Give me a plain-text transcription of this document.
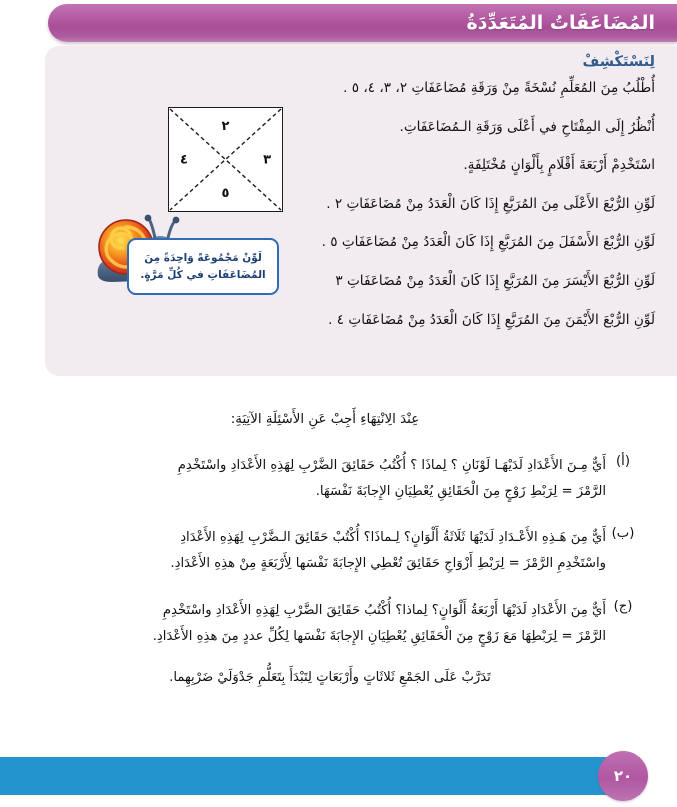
المُضَاعَفَاتُ المُتَعَدِّدَةُ
لِنَسْتَكْشِفْ
٢
٣
٤
٥
لَوِّنْ مَجْمُوعَةً وَاحِدَةً مِنَ
المُضَاعَفَاتِ في كُلِّ مَرَّةٍ.
أُطْلُبُ مِنَ المُعَلِّمِ نُسْخَةً مِنْ وَرَقَةِ مُضَاعَفَاتِ ٢، ٣، ٤، ٥ .
أُنْظُرُ إِلَى المِفْتَاحِ في أَعْلَى وَرَقَةِ الـمُضَاعَفَاتِ.
اسْتَخْدِمْ أَرْبَعَةَ أَقْلَامٍ بِأَلْوَانٍ مُخْتَلِفَةٍ.
لَوِّنِ الرُّبْعَ الأَعْلَى مِنَ المُرَبَّعِ إِذَا كَانَ الْعَدَدُ مِنْ مُضَاعَفَاتِ ٢ .
لَوِّنِ الرُّبْعَ الأَسْفَلَ مِنَ المُرَبَّعِ إِذَا كَانَ الْعَدَدُ مِنْ مُضَاعَفَاتِ ٥ .
لَوِّنِ الرُّبْعَ الأَيْسَرَ مِنَ المُرَبَّعِ إِذَا كَانَ الْعَدَدُ مِنْ مُضَاعَفَاتِ ٣
لَوِّنِ الرُّبْعَ الأَيْمَنَ مِنَ المُرَبَّعِ إِذَا كَانَ الْعَدَدُ مِنْ مُضَاعَفَاتِ ٤ .
عِنْدَ الِانْتِهَاءِ أَجِبْ عَنِ الأَسْئِلَةِ الآتِيَةِ:
(أ)
أَيٌّ مِـنَ الأَعْدَادِ لَدَيْهَـا لَوْنَانِ ؟ لِماذَا ؟ أُكْتُبُ حَقَائِقَ الضَّرْبِ لِهَذِهِ الأَعْدَادِ واسْتَخْدِمِ
الرَّمْزَ = لِرَبْطِ زَوْجٍ مِنَ الْحَقَائِقِ يُعْطِيَانِ الإِجابَةَ نَفْسَهَا.
(ب)
أَيٌّ مِنَ هَـذِهِ الأَعْـدَادِ لَدَيْهَا ثَلَاثَةُ أَلْوَانٍ؟ لِـماذَا؟ أُكْتُبْ حَقَائِقَ الـضَّرْبِ لِهَذِهِ الأَعْدَادِ
واسْتَخْدِمِ الرَّمْزَ = لِرَبْطِ أَزْوَاجِ حَقَائِقَ تُعْطِي الإِجابَةَ نَفْسَها لِأَرْبَعَةٍ مِنْ هذِهِ الأَعْدَادِ.
(ج)
أَيٌّ مِنَ الأَعْدَادِ لَدَيْهَا أَرْبَعَةُ أَلْوَانٍ؟ لِماذا؟ أُكْتُبُ حَقَائِقَ الضَّرْبِ لِهَذِهِ الأَعْدَادِ واسْتَخْدِمِ
الرَّمْزَ = لِرَبْطِهَا مَعَ زَوْجٍ مِنَ الْحَقَائِقِ يُعْطِيَانِ الإِجابَةَ نَفْسَها لِكُلِّ عددٍ مِنَ هذِهِ الأَعْدَادِ.
تَدَرَّبْ عَلَى الجَمْعِ ثَلاثَاتٍ وأَرْبَعَاتٍ لِتَبْدَأَ بِتَعَلُّمِ جَدْوَلَيْ ضَرْبِهِما.
٢٠
